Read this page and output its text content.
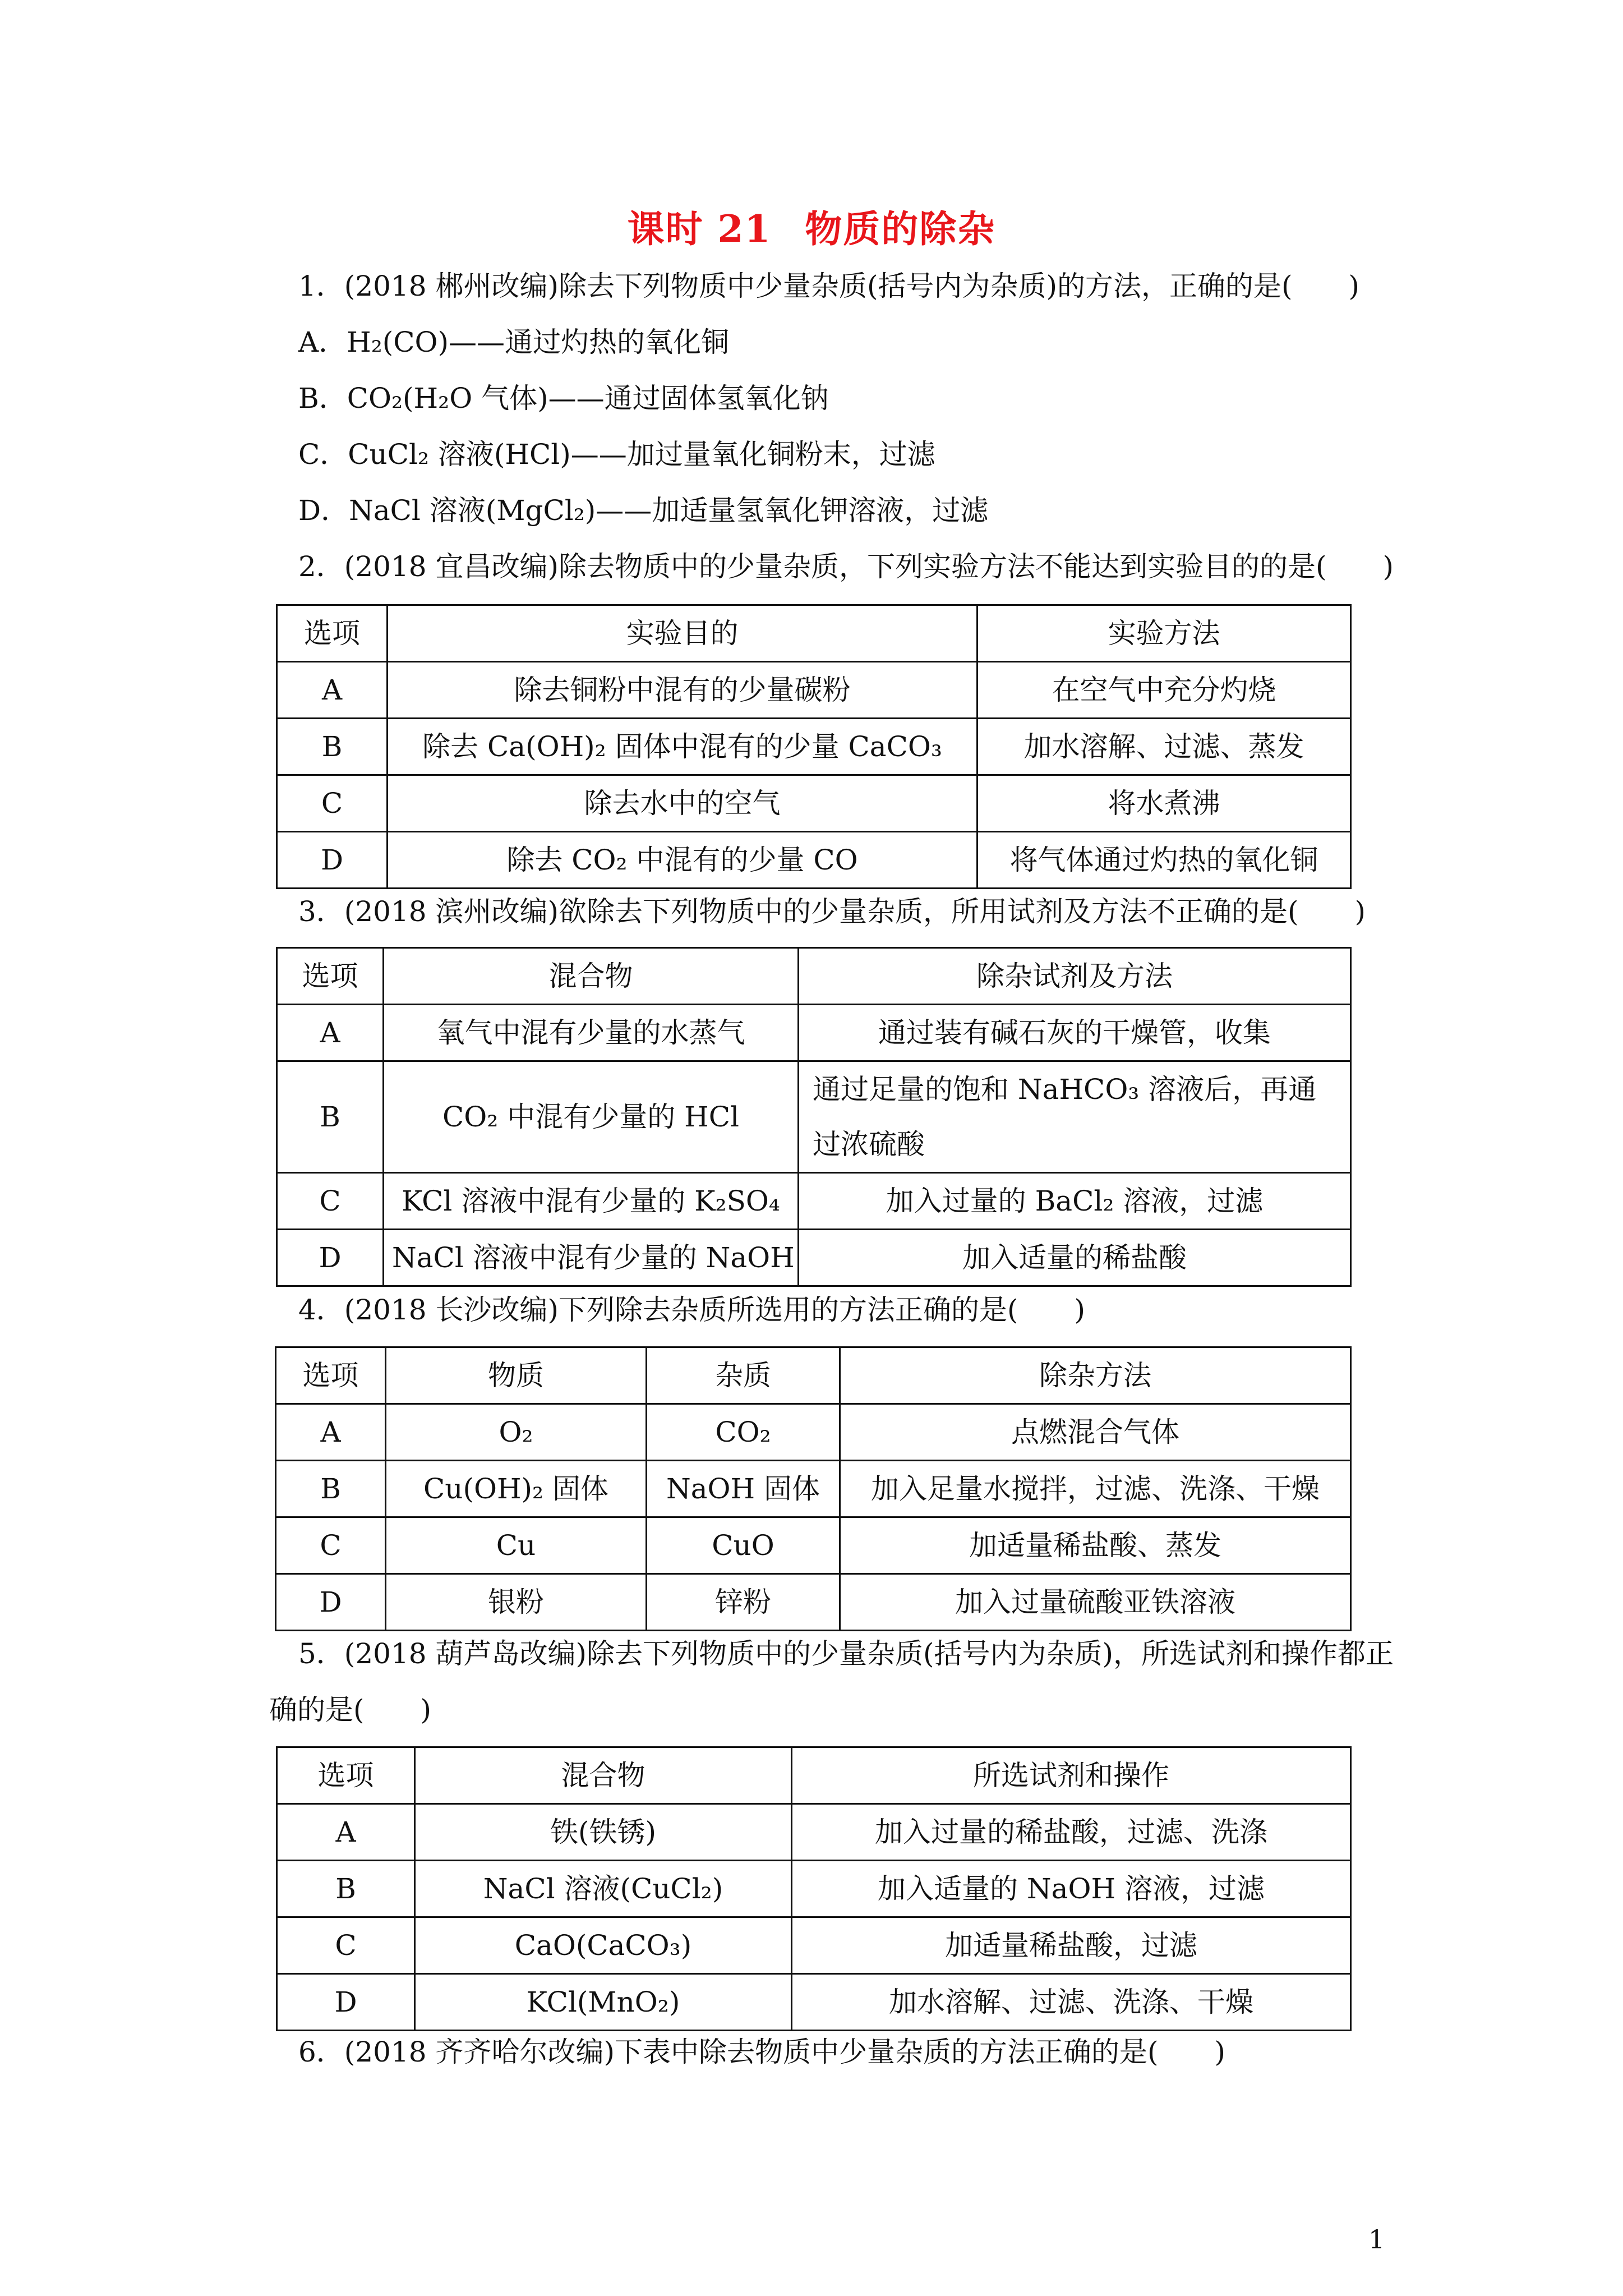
课时 21 物质的除杂
1．(2018 郴州改编)除去下列物质中少量杂质(括号内为杂质)的方法，正确的是(　　)
A．H₂(CO)——通过灼热的氧化铜
B．CO₂(H₂O 气体)——通过固体氢氧化钠
C．CuCl₂ 溶液(HCl)——加过量氧化铜粉末，过滤
D．NaCl 溶液(MgCl₂)——加适量氢氧化钾溶液，过滤
2．(2018 宜昌改编)除去物质中的少量杂质，下列实验方法不能达到实验目的的是(　　)
选项	实验目的	实验方法
A	除去铜粉中混有的少量碳粉	在空气中充分灼烧
B	除去 Ca(OH)₂ 固体中混有的少量 CaCO₃	加水溶解、过滤、蒸发
C	除去水中的空气	将水煮沸
D	除去 CO₂ 中混有的少量 CO	将气体通过灼热的氧化铜
3．(2018 滨州改编)欲除去下列物质中的少量杂质，所用试剂及方法不正确的是(　　)
选项	混合物	除杂试剂及方法
A	氧气中混有少量的水蒸气	通过装有碱石灰的干燥管，收集
B	CO₂ 中混有少量的 HCl	通过足量的饱和 NaHCO₃ 溶液后，再通过浓硫酸
C	KCl 溶液中混有少量的 K₂SO₄	加入过量的 BaCl₂ 溶液，过滤
D	NaCl 溶液中混有少量的 NaOH	加入适量的稀盐酸
4．(2018 长沙改编)下列除去杂质所选用的方法正确的是(　　)
选项	物质	杂质	除杂方法
A	O₂	CO₂	点燃混合气体
B	Cu(OH)₂ 固体	NaOH 固体	加入足量水搅拌，过滤、洗涤、干燥
C	Cu	CuO	加适量稀盐酸、蒸发
D	银粉	锌粉	加入过量硫酸亚铁溶液
5．(2018 葫芦岛改编)除去下列物质中的少量杂质(括号内为杂质)，所选试剂和操作都正
确的是(　　)
选项	混合物	所选试剂和操作
A	铁(铁锈)	加入过量的稀盐酸，过滤、洗涤
B	NaCl 溶液(CuCl₂)	加入适量的 NaOH 溶液，过滤
C	CaO(CaCO₃)	加适量稀盐酸，过滤
D	KCl(MnO₂)	加水溶解、过滤、洗涤、干燥
6．(2018 齐齐哈尔改编)下表中除去物质中少量杂质的方法正确的是(　　)
1
